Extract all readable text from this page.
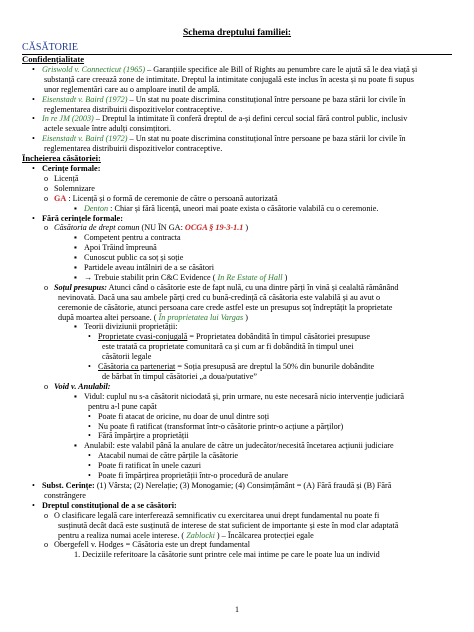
Schema dreptului familiei:
CĂSĂTORIE
Confidențialitate
• Griswold v. Connecticut (1965) – Garanțiile specifice ale Bill of Rights au penumbre care le ajută să le dea viață și
substanță care creează zone de intimitate. Dreptul la intimitate conjugală este inclus în acesta și nu poate fi supus
unor reglementări care au o amploare inutil de amplă.
• Eisenstadt v. Baird (1972) – Un stat nu poate discrimina constituțional între persoane pe baza stării lor civile în
reglementarea distribuirii dispozitivelor contraceptive.
• In re JM (2003) – Dreptul la intimitate îi conferă dreptul de a-și defini cercul social fără control public, inclusiv
actele sexuale între adulți consimțitori.
• Eisenstadt v. Baird (1972) – Un stat nu poate discrimina constituțional între persoane pe baza stării lor civile în
reglementarea distribuirii dispozitivelor contraceptive.
Încheierea căsătoriei:
• Cerințe formale:
o Licență
o Solemnizare
o GA : Licență și o formă de ceremonie de către o persoană autorizată
▪ Denton : Chiar și fără licență, uneori mai poate exista o căsătorie valabilă cu o ceremonie.
• Fără cerințele formale:
o Căsătoria de drept comun (NU ÎN GA: OCGA § 19-3-1.1 )
▪ Competent pentru a contracta
▪ Apoi Trăind împreună
▪ Cunoscut public ca soț și soție
▪ Partidele aveau intâlniri de a se căsători
▪ → Trebuie stabilit prin C&C Evidence ( In Re Estate of Hall )
o Soțul presupus: Atunci când o căsătorie este de fapt nulă, cu una dintre părți în vină și cealaltă rămânând
nevinovată. Dacă una sau ambele părți cred cu bună-credință că căsătoria este valabilă și au avut o
ceremonie de căsătorie, atunci persoana care crede astfel este un presupus soț îndreptățit la proprietate
după moartea altei persoane. ( În proprietatea lui Vargas )
▪ Teorii diviziunii proprietății:
• Proprietate cvasi-conjugală = Proprietatea dobândită în timpul căsătoriei presupuse
este tratată ca proprietate comunitară ca și cum ar fi dobândită în timpul unei
căsătorii legale
• Căsătoria ca parteneriat = Soția presupusă are dreptul la 50% din bunurile dobândite
de bărbat în timpul căsătoriei „a doua/putative”
o Void v. Anulabil:
▪ Vidul: cuplul nu s-a căsătorit niciodată și, prin urmare, nu este necesară nicio intervenție judiciară
pentru a-l pune capăt
• Poate fi atacat de oricine, nu doar de unul dintre soți
• Nu poate fi ratificat (transformat într-o căsătorie printr-o acțiune a părților)
• Fără împărțire a proprietății
▪ Anulabil: este valabil până la anulare de către un judecător/necesită încetarea acțiunii judiciare
• Atacabil numai de către părțile la căsătorie
• Poate fi ratificat în unele cazuri
• Poate fi împărțirea proprietății într-o procedură de anulare
• Subst. Cerințe: (1) Vârsta; (2) Nerelație; (3) Monogamie; (4) Consimțământ = (A) Fără fraudă și (B) Fără
constrângere
• Dreptul constituțional de a se căsători:
o O clasificare legală care interferează semnificativ cu exercitarea unui drept fundamental nu poate fi
susținută decât dacă este susținută de interese de stat suficient de importante și este în mod clar adaptată
pentru a realiza numai acele interese. ( Zablocki ) – Încălcarea protecției egale
o Obergefell v. Hodges = Căsătoria este un drept fundamental
1. Deciziile referitoare la căsătorie sunt printre cele mai intime pe care le poate lua un individ
1
